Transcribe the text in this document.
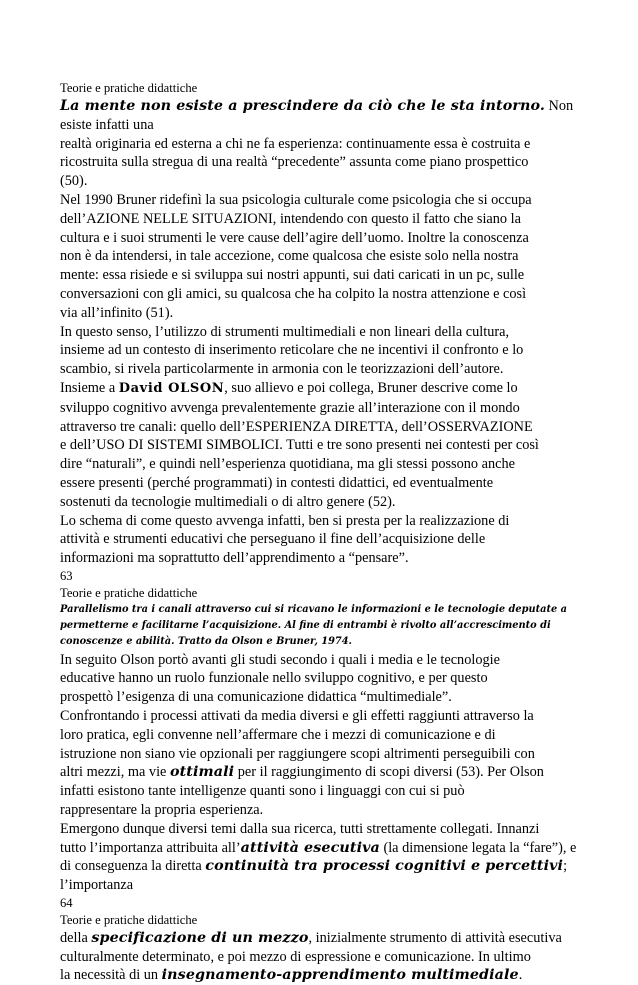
Teorie e pratiche didattiche

La mente non esiste a prescindere da ciò che le sta intorno. Non esiste infatti una

realtà originaria ed esterna a chi ne fa esperienza: continuamente essa è costruita e

ricostruita sulla stregua di una realtà “precedente” assunta come piano prospettico

(50).

Nel 1990 Bruner ridefinì la sua psicologia culturale come psicologia che si occupa

dell’AZIONE NELLE SITUAZIONI, intendendo con questo il fatto che siano la

cultura e i suoi strumenti le vere cause dell’agire dell’uomo. Inoltre la conoscenza

non è da intendersi, in tale accezione, come qualcosa che esiste solo nella nostra

mente: essa risiede e si sviluppa sui nostri appunti, sui dati caricati in un pc, sulle

conversazioni con gli amici, su qualcosa che ha colpito la nostra attenzione e così

via all’infinito (51).

In questo senso, l’utilizzo di strumenti multimediali e non lineari della cultura,

insieme ad un contesto di inserimento reticolare che ne incentivi il confronto e lo

scambio, si rivela particolarmente in armonia con le teorizzazioni dell’autore.

Insieme a David OLSON, suo allievo e poi collega, Bruner descrive come lo

sviluppo cognitivo avvenga prevalentemente grazie all’interazione con il mondo

attraverso tre canali: quello dell’ESPERIENZA DIRETTA, dell’OSSERVAZIONE

e dell’USO DI SISTEMI SIMBOLICI. Tutti e tre sono presenti nei contesti per così

dire “naturali”, e quindi nell’esperienza quotidiana, ma gli stessi possono anche

essere presenti (perché programmati) in contesti didattici, ed eventualmente

sostenuti da tecnologie multimediali o di altro genere (52).

Lo schema di come questo avvenga infatti, ben si presta per la realizzazione di

attività e strumenti educativi che perseguano il fine dell’acquisizione delle

informazioni ma soprattutto dell’apprendimento a “pensare”.

63

Teorie e pratiche didattiche

Parallelismo tra i canali attraverso cui si ricavano le informazioni e le tecnologie deputate a

permetterne e facilitarne l’acquisizione. Al fine di entrambi è rivolto all’accrescimento di

conoscenze e abilità. Tratto da Olson e Bruner, 1974.

In seguito Olson portò avanti gli studi secondo i quali i media e le tecnologie

educative hanno un ruolo funzionale nello sviluppo cognitivo, e per questo

prospettò l’esigenza di una comunicazione didattica “multimediale”.

Confrontando i processi attivati da media diversi e gli effetti raggiunti attraverso la

loro pratica, egli convenne nell’affermare che i mezzi di comunicazione e di

istruzione non siano vie opzionali per raggiungere scopi altrimenti perseguibili con

altri mezzi, ma vie ottimali per il raggiungimento di scopi diversi (53). Per Olson

infatti esistono tante intelligenze quanti sono i linguaggi con cui si può

rappresentare la propria esperienza.

Emergono dunque diversi temi dalla sua ricerca, tutti strettamente collegati. Innanzi

tutto l’importanza attribuita all’attività esecutiva (la dimensione legata la “fare”), e

di conseguenza la diretta continuità tra processi cognitivi e percettivi; l’importanza

64

Teorie e pratiche didattiche

della specificazione di un mezzo, inizialmente strumento di attività esecutiva

culturalmente determinato, e poi mezzo di espressione e comunicazione. In ultimo

la necessità di un insegnamento-apprendimento multimediale.
